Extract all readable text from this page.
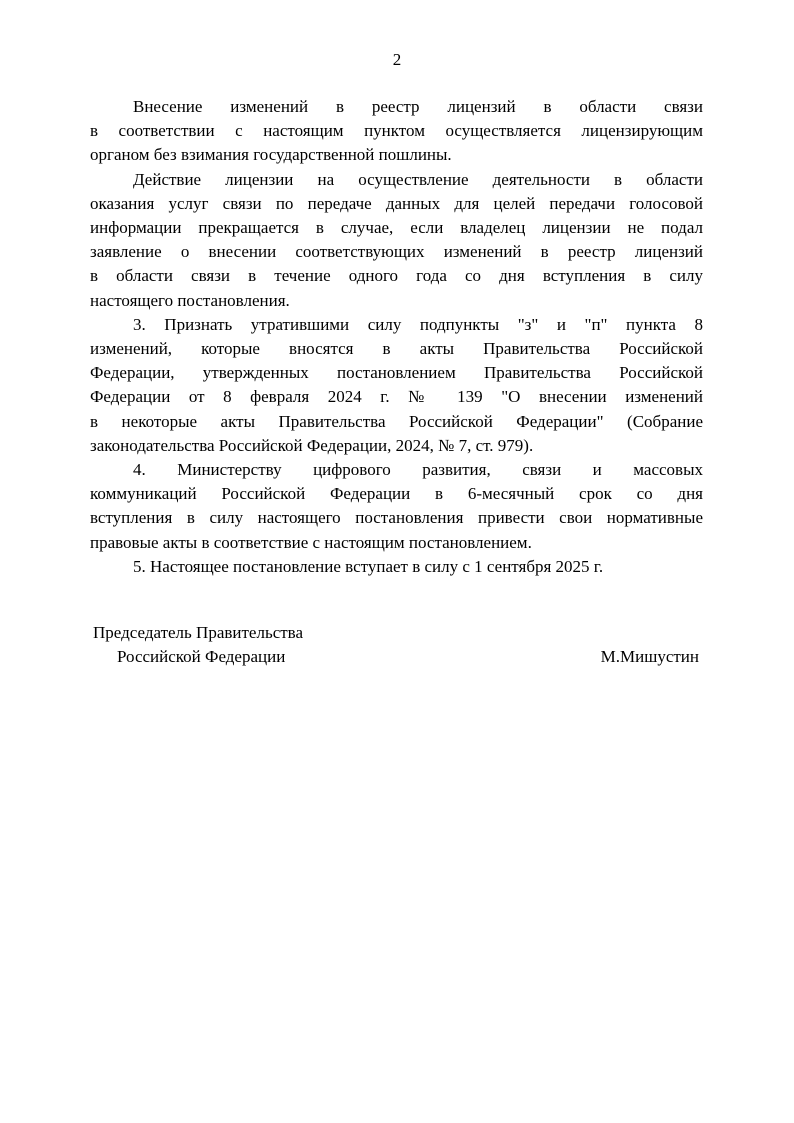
2
Внесение изменений в реестр лицензий в области связи
в соответствии с настоящим пунктом осуществляется лицензирующим
органом без взимания государственной пошлины.
Действие лицензии на осуществление деятельности в области
оказания услуг связи по передаче данных для целей передачи голосовой
информации прекращается в случае, если владелец лицензии не подал
заявление о внесении соответствующих изменений в реестр лицензий
в области связи в течение одного года со дня вступления в силу
настоящего постановления.
3. Признать утратившими силу подпункты "з" и "п" пункта 8
изменений, которые вносятся в акты Правительства Российской
Федерации, утвержденных постановлением Правительства Российской
Федерации от 8 февраля 2024 г. № 139 "О внесении изменений
в некоторые акты Правительства Российской Федерации" (Собрание
законодательства Российской Федерации, 2024, № 7, ст. 979).
4. Министерству цифрового развития, связи и массовых
коммуникаций Российской Федерации в 6-месячный срок со дня
вступления в силу настоящего постановления привести свои нормативные
правовые акты в соответствие с настоящим постановлением.
5. Настоящее постановление вступает в силу с 1 сентября 2025 г.
Председатель Правительства
Российской Федерации	М.Мишустин
